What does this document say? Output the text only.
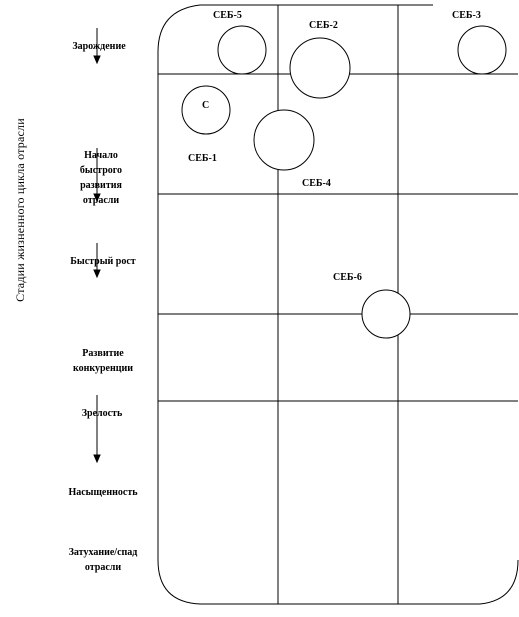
Стадии жизненного цикла отрасли
Зарождение
Начало быстрого развития отрасли
Быстрый рост
Развитие конкуренции
Зрелость
Насыщенность
Затухание/спад отрасли
СЕБ-5
СЕБ-2
СЕБ-3
С
СЕБ-1
СЕБ-4
СЕБ-6
